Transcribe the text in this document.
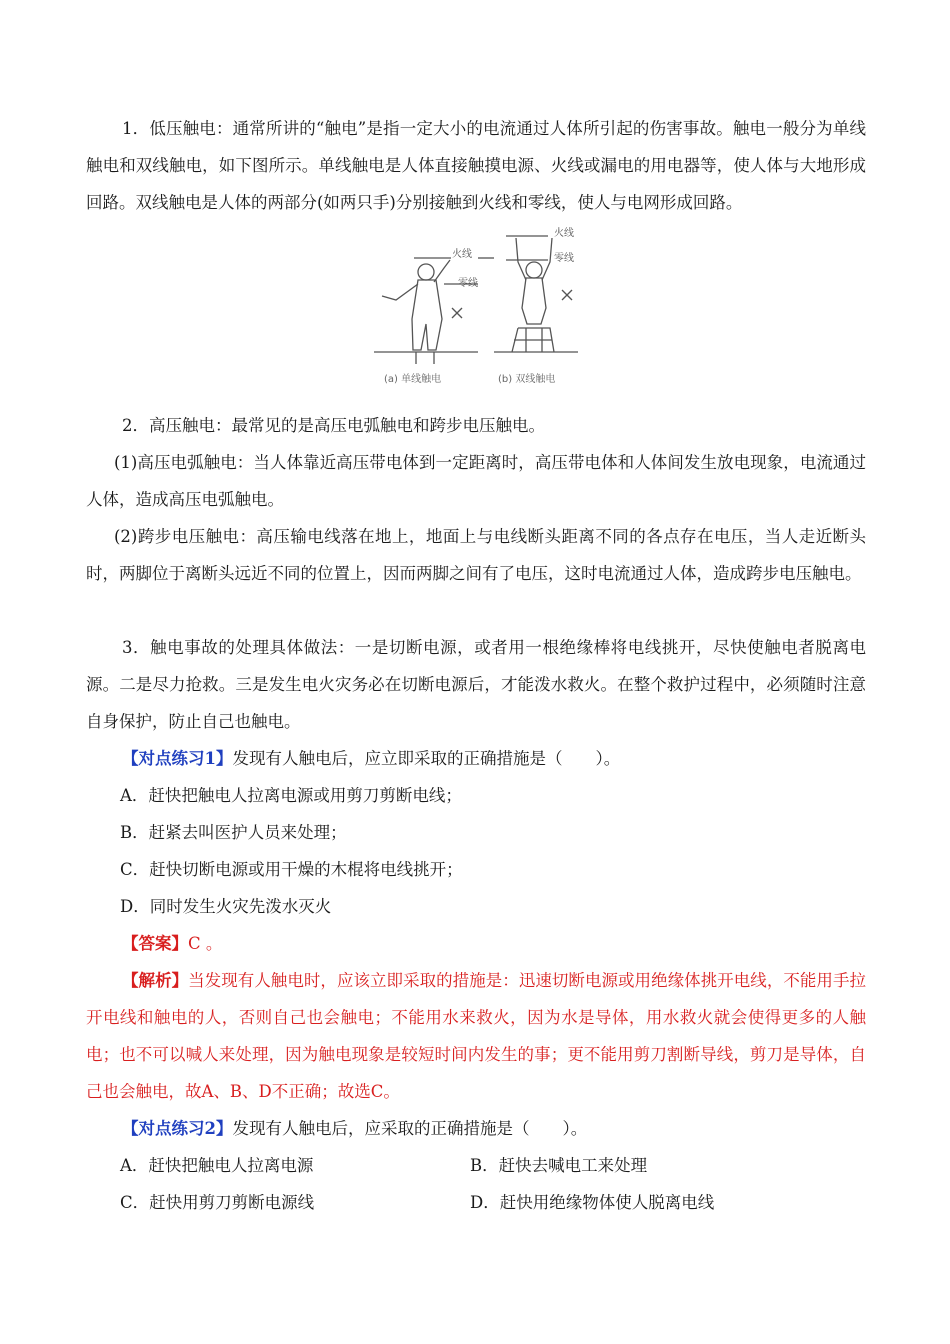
1．低压触电：通常所讲的“触电”是指一定大小的电流通过人体所引起的伤害事故。触电一般分为单线触电和双线触电，如下图所示。单线触电是人体直接触摸电源、火线或漏电的用电器等，使人体与大地形成回路。双线触电是人体的两部分(如两只手)分别接触到火线和零线，使人与电网形成回路。

火线
零线
火线
零线
(a) 单线触电	(b) 双线触电

2．高压触电：最常见的是高压电弧触电和跨步电压触电。

(1)高压电弧触电：当人体靠近高压带电体到一定距离时，高压带电体和人体间发生放电现象，电流通过人体，造成高压电弧触电。

(2)跨步电压触电：高压输电线落在地上，地面上与电线断头距离不同的各点存在电压，当人走近断头时，两脚位于离断头远近不同的位置上，因而两脚之间有了电压，这时电流通过人体，造成跨步电压触电。

3．触电事故的处理具体做法：一是切断电源，或者用一根绝缘棒将电线挑开，尽快使触电者脱离电源。二是尽力抢救。三是发生电火灾务必在切断电源后，才能泼水救火。在整个救护过程中，必须随时注意自身保护，防止自己也触电。

【对点练习1】发现有人触电后，应立即采取的正确措施是（　　）。
A．赶快把触电人拉离电源或用剪刀剪断电线；
B．赶紧去叫医护人员来处理；
C．赶快切断电源或用干燥的木棍将电线挑开；
D．同时发生火灾先泼水灭火
【答案】C 。

【解析】当发现有人触电时，应该立即采取的措施是：迅速切断电源或用绝缘体挑开电线，不能用手拉开电线和触电的人，否则自己也会触电；不能用水来救火，因为水是导体，用水救火就会使得更多的人触电；也不可以喊人来处理，因为触电现象是较短时间内发生的事；更不能用剪刀割断导线，剪刀是导体，自己也会触电，故A、B、D不正确；故选C。

【对点练习2】发现有人触电后，应采取的正确措施是（　　）。
A．赶快把触电人拉离电源	B．赶快去喊电工来处理
C．赶快用剪刀剪断电源线	D．赶快用绝缘物体使人脱离电线
